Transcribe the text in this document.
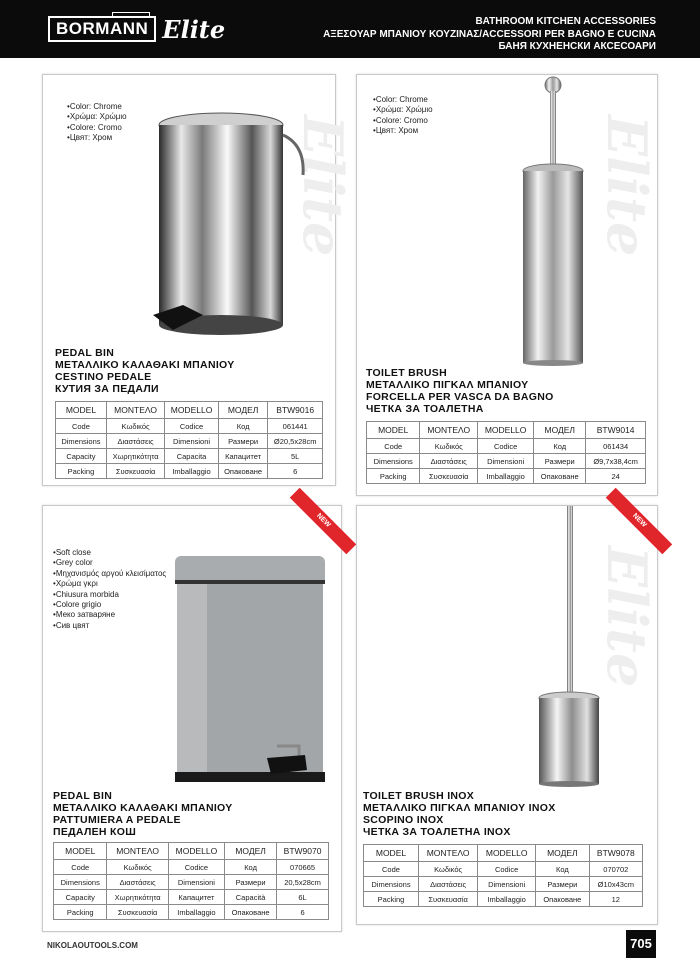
BORMANN Elite	BATHROOM KITCHEN ACCESSORIES
ΑΞΕΣΟΥΑΡ ΜΠΑΝΙΟΥ ΚΟΥΖΙΝΑΣ/ACCESSORI PER BAGNO E CUCINA
БАНЯ КУХНЕНСКИ АКСЕСОАРИ
Elite
• Color: Chrome
• Χρώμα: Χρώμιο
• Colore: Cromo
• Цвят: Хром
PEDAL BIN
ΜΕΤΑΛΛΙΚΟ ΚΑΛΑΘΑΚΙ ΜΠΑΝΙΟΥ
CESTINO PEDALE
КУТИЯ ЗА ПЕДАЛИ
MODEL	ΜΟΝΤΕΛΟ	MODELLO	МОДЕЛ	BTW9016
Code	Κωδικός	Codice	Код	061441
Dimensions	Διαστάσεις	Dimensioni	Размери	Ø20,5x28cm
Capacity	Χωρητικότητα	Capacita	Капацитет	5L
Packing	Συσκευασία	Imballaggio	Опаковане	6
Elite
• Color: Chrome
• Χρώμα: Χρώμιο
• Colore: Cromo
• Цвят: Хром
TOILET BRUSH
ΜΕΤΑΛΛΙΚΟ ΠΙΓΚΑΛ ΜΠΑΝΙΟΥ
FORCELLA PER VASCA DA BAGNO
ЧЕТКА ЗА ТОАЛЕТНА
MODEL	ΜΟΝΤΕΛΟ	MODELLO	МОДЕЛ	BTW9014
Code	Κωδικός	Codice	Код	061434
Dimensions	Διαστάσεις	Dimensioni	Размери	Ø9,7x38,4cm
Packing	Συσκευασία	Imballaggio	Опаковане	24
NEW
• Soft close
• Grey color
• Μηχανισμός αργού κλεισίματος
• Χρώμα γκρι
• Chiusura morbida
• Colore grigio
• Меко затваряне
• Сив цвят
PEDAL BIN
ΜΕΤΑΛΛΙΚΟ ΚΑΛΑΘΑΚΙ ΜΠΑΝΙΟΥ
PATTUMIERA A PEDALE
ПЕДАЛЕН КОШ
MODEL	ΜΟΝΤΕΛΟ	MODELLO	МОДЕЛ	BTW9070
Code	Κωδικός	Codice	Код	070665
Dimensions	Διαστάσεις	Dimensioni	Размери	20,5x28cm
Capacity	Χωρητικότητα	Капацитет	Capacità	6L
Packing	Συσκευασία	Imballaggio	Опаковане	6
NEW
Elite
TOILET BRUSH INOX
ΜΕΤΑΛΛΙΚΟ ΠΙΓΚΑΛ ΜΠΑΝΙΟΥ INOX
SCOPINO INOX
ЧЕТКА ЗА ТОАЛЕТНА INOX
MODEL	ΜΟΝΤΕΛΟ	MODELLO	МОДЕЛ	BTW9078
Code	Κωδικός	Codice	Код	070702
Dimensions	Διαστάσεις	Dimensioni	Размери	Ø10x43cm
Packing	Συσκευασία	Imballaggio	Опаковане	12
NIKOLAOUTOOLS.COM	705
